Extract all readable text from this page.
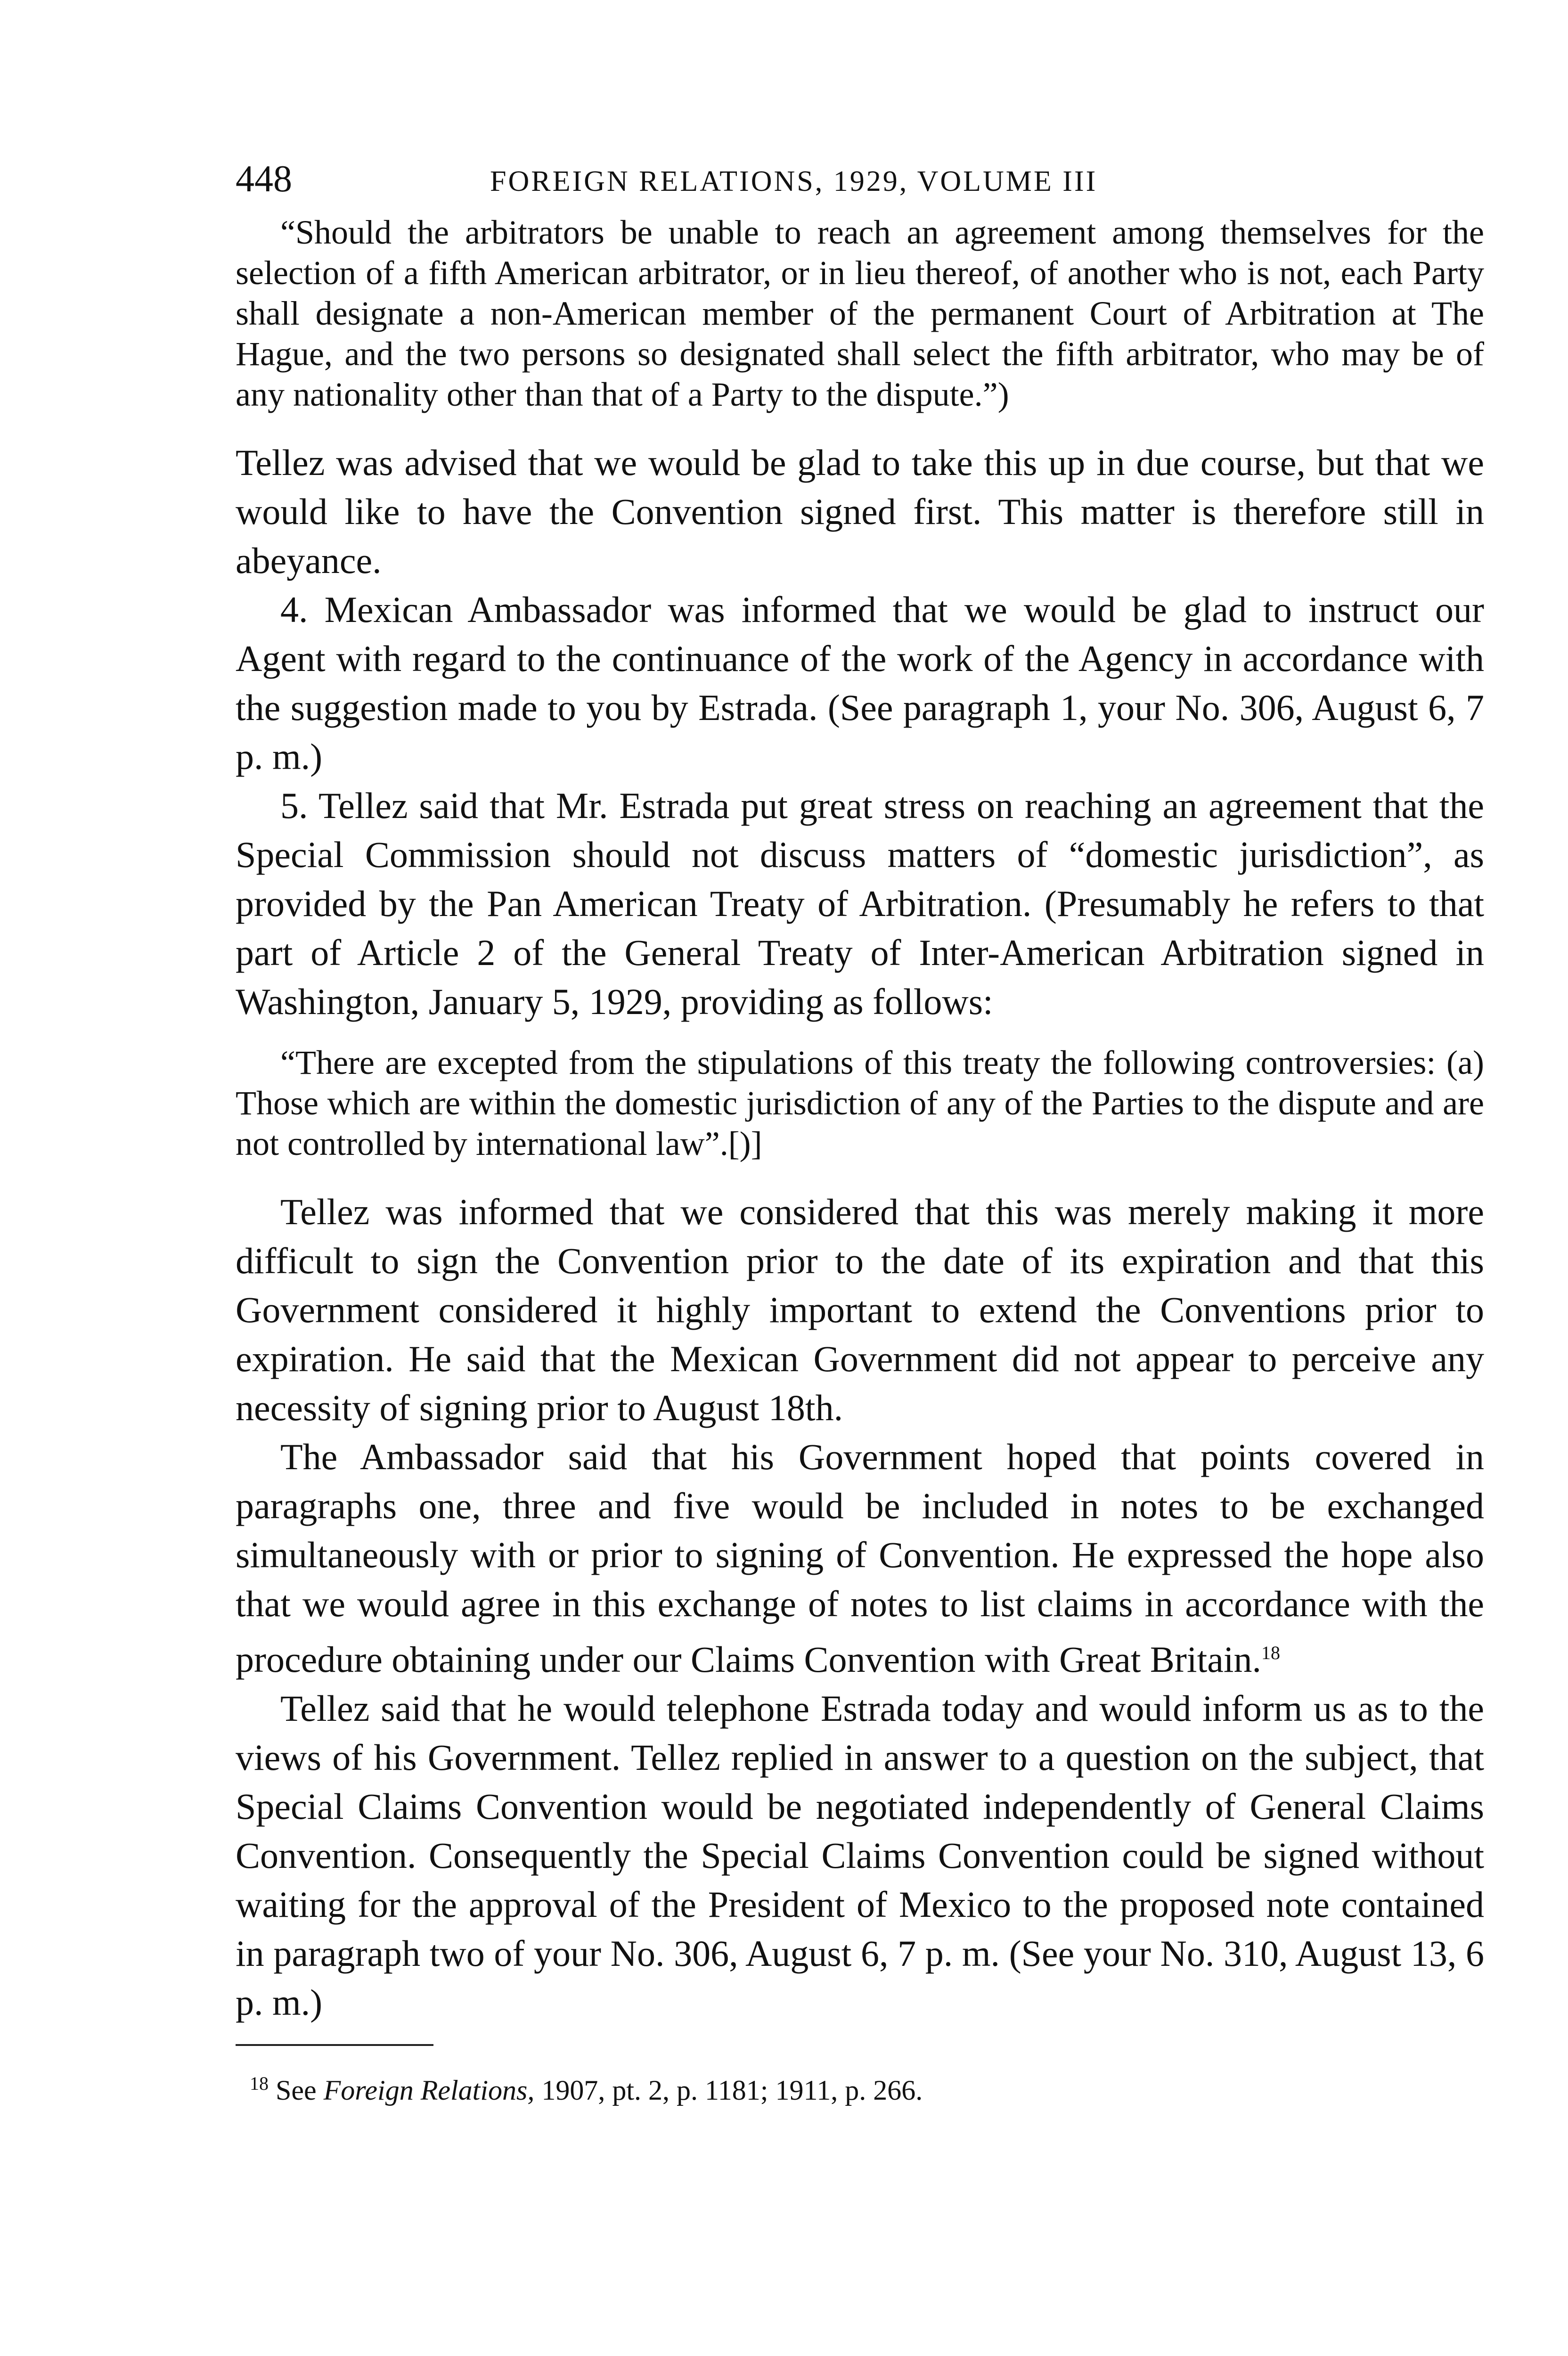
448	FOREIGN RELATIONS, 1929, VOLUME III

“Should the arbitrators be unable to reach an agreement among themselves for the selection of a fifth American arbitrator, or in lieu thereof, of another who is not, each Party shall designate a non-American member of the permanent Court of Arbitration at The Hague, and the two persons so designated shall select the fifth arbitrator, who may be of any nationality other than that of a Party to the dispute.”)

Tellez was advised that we would be glad to take this up in due course, but that we would like to have the Convention signed first. This matter is therefore still in abeyance.

4. Mexican Ambassador was informed that we would be glad to instruct our Agent with regard to the continuance of the work of the Agency in accordance with the suggestion made to you by Estrada. (See paragraph 1, your No. 306, August 6, 7 p. m.)

5. Tellez said that Mr. Estrada put great stress on reaching an agreement that the Special Commission should not discuss matters of “domestic jurisdiction”, as provided by the Pan American Treaty of Arbitration. (Presumably he refers to that part of Article 2 of the General Treaty of Inter-American Arbitration signed in Washington, January 5, 1929, providing as follows:

“There are excepted from the stipulations of this treaty the following controversies: (a) Those which are within the domestic jurisdiction of any of the Parties to the dispute and are not controlled by international law”.[)]

Tellez was informed that we considered that this was merely making it more difficult to sign the Convention prior to the date of its expiration and that this Government considered it highly important to extend the Conventions prior to expiration. He said that the Mexican Government did not appear to perceive any necessity of signing prior to August 18th.

The Ambassador said that his Government hoped that points covered in paragraphs one, three and five would be included in notes to be exchanged simultaneously with or prior to signing of Convention. He expressed the hope also that we would agree in this exchange of notes to list claims in accordance with the procedure obtaining under our Claims Convention with Great Britain.$^{18}$

Tellez said that he would telephone Estrada today and would inform us as to the views of his Government. Tellez replied in answer to a question on the subject, that Special Claims Convention would be negotiated independently of General Claims Convention. Consequently the Special Claims Convention could be signed without waiting for the approval of the President of Mexico to the proposed note contained in paragraph two of your No. 306, August 6, 7 p. m. (See your No. 310, August 13, 6 p. m.)

$^{18}$ See Foreign Relations, 1907, pt. 2, p. 1181; 1911, p. 266.
